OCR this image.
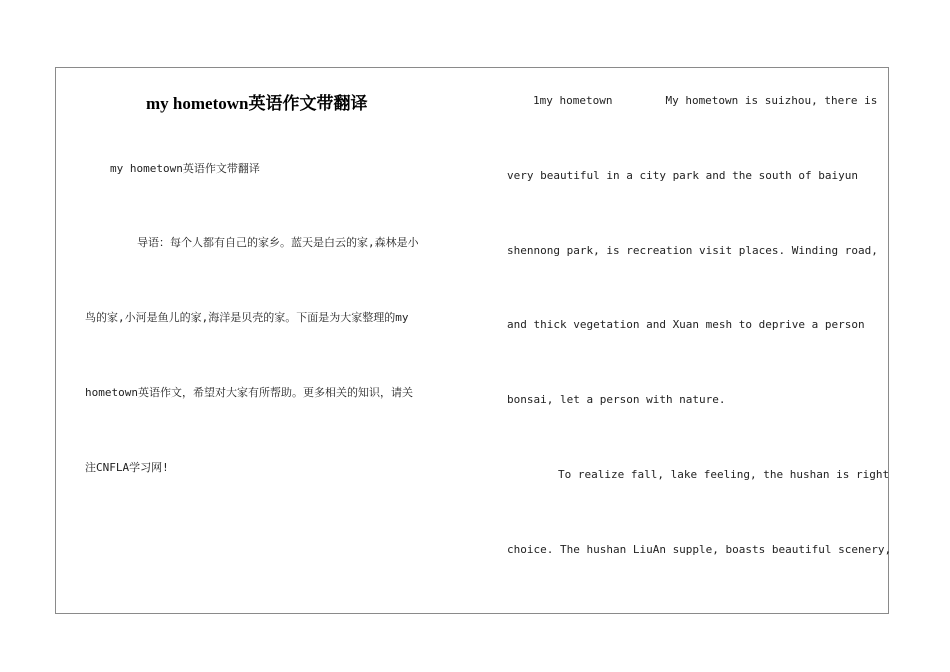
my hometown英语作文带翻译
my hometown英语作文带翻译
导语：每个人都有自己的家乡。蓝天是白云的家,森林是小
鸟的家,小河是鱼儿的家,海洋是贝壳的家。下面是为大家整理的my
hometown英语作文，希望对大家有所帮助。更多相关的知识，请关
注CNFLA学习网!
1my hometown        My hometown is suizhou, there is
very beautiful in a city park and the south of baiyun
shennong park, is recreation visit places. Winding road,
and thick vegetation and Xuan mesh to deprive a person
bonsai, let a person with nature.
To realize fall, lake feeling, the hushan is right
choice. The hushan LiuAn supple, boasts beautiful scenery,
